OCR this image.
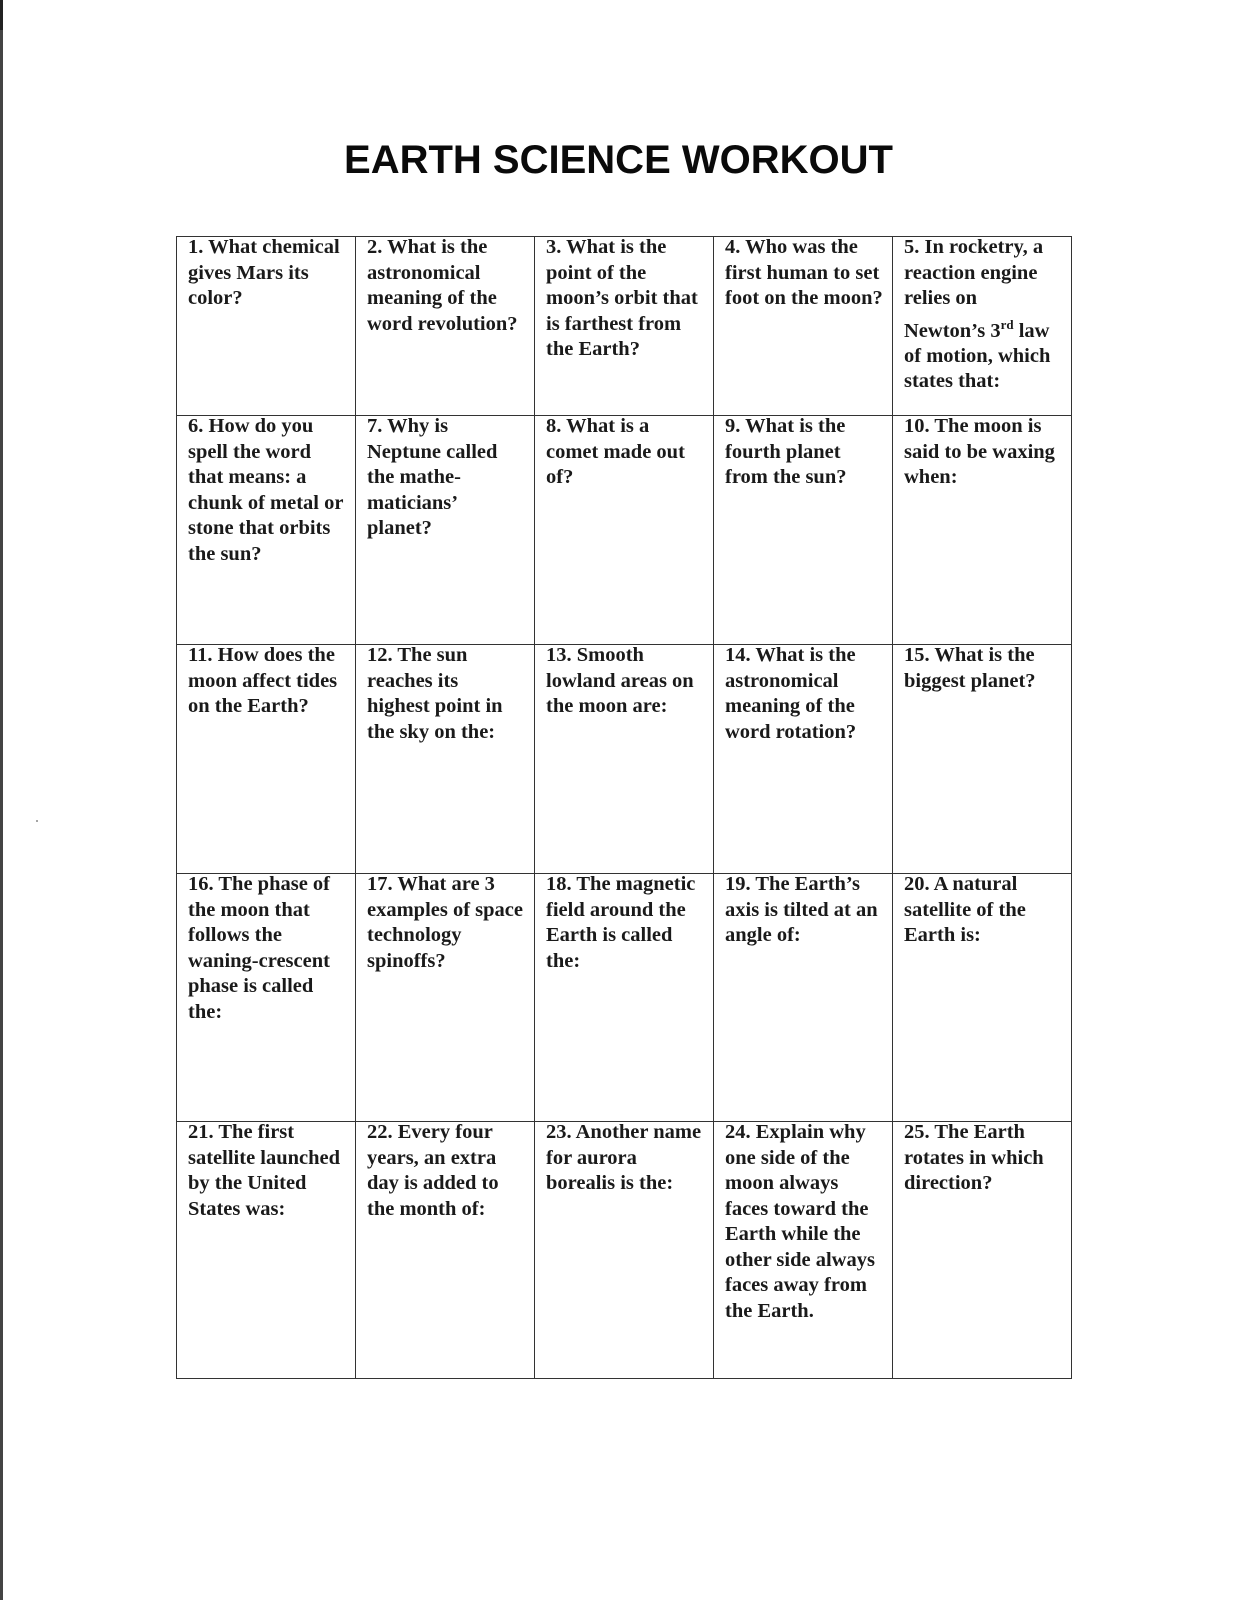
EARTH SCIENCE WORKOUT
1. What chemical gives Mars its color?	2. What is the astronomical meaning of the word revolution?	3. What is the point of the moon’s orbit that is farthest from the Earth?	4. Who was the first human to set foot on the moon?	5. In rocketry, a reaction engine relies on Newton’s 3rd law of motion, which states that:

6. How do you spell the word that means: a chunk of metal or stone that orbits the sun?	7. Why is Neptune called the mathe-maticians’ planet?	8. What is a comet made out of?	9. What is the fourth planet from the sun?	10. The moon is said to be waxing when:

11. How does the moon affect tides on the Earth?	12. The sun reaches its highest point in the sky on the:	13. Smooth lowland areas on the moon are:	14. What is the astronomical meaning of the word rotation?	15. What is the biggest planet?

16. The phase of the moon that follows the waning-crescent phase is called the:	17. What are 3 examples of space technology spinoffs?	18. The magnetic field around the Earth is called the:	19. The Earth’s axis is tilted at an angle of:	20. A natural satellite of the Earth is:

21. The first satellite launched by the United States was:	22. Every four years, an extra day is added to the month of:	23. Another name for aurora borealis is the:	24. Explain why one side of the moon always faces toward the Earth while the other side always faces away from the Earth.	25. The Earth rotates in which direction?
